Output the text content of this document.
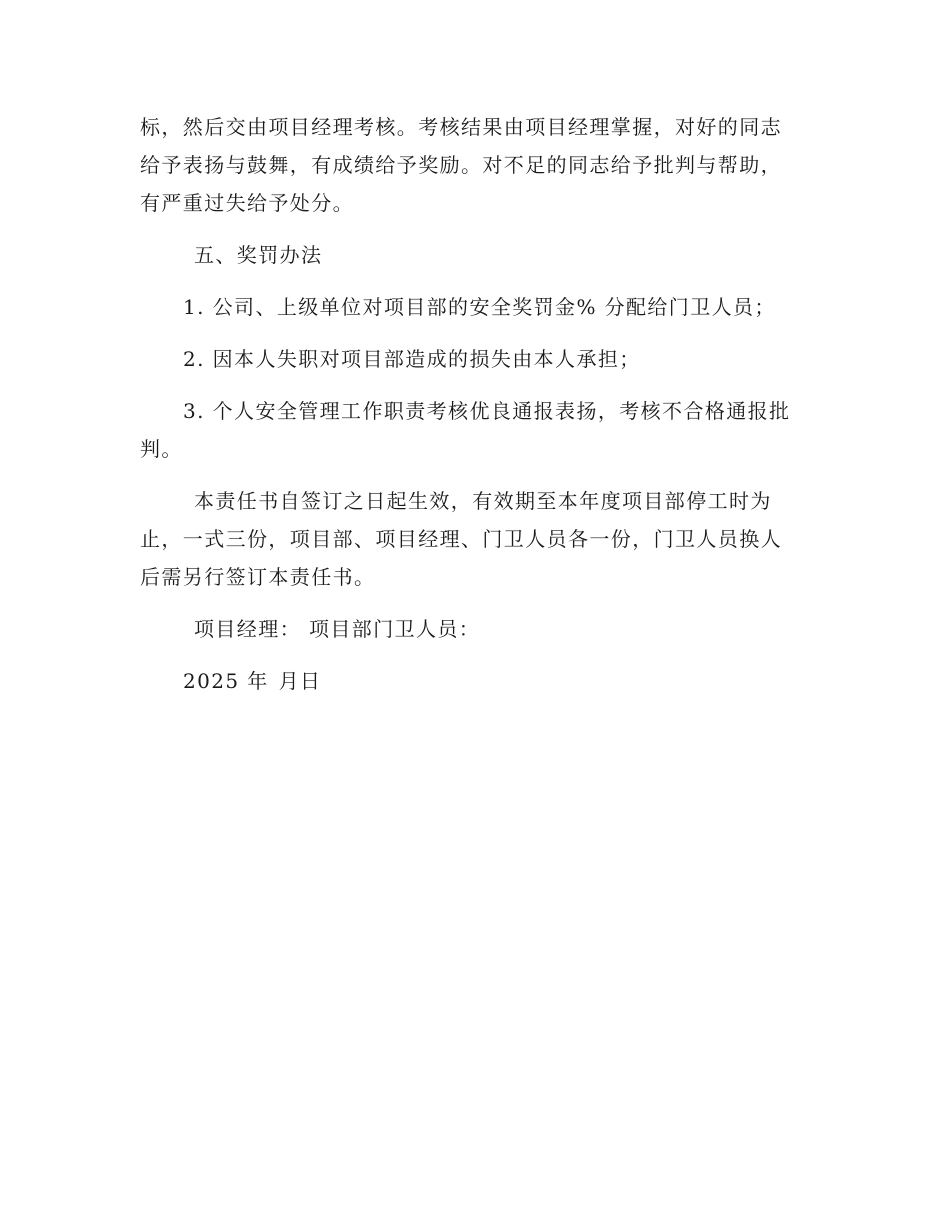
标，然后交由项目经理考核。考核结果由项目经理掌握，对好的同志
给予表扬与鼓舞，有成绩给予奖励。对不足的同志给予批判与帮助，
有严重过失给予处分。
五、奖罚办法
1. 公司、上级单位对项目部的安全奖罚金% 分配给门卫人员；
2. 因本人失职对项目部造成的损失由本人承担；
3. 个人安全管理工作职责考核优良通报表扬，考核不合格通报批
判。
本责任书自签订之日起生效，有效期至本年度项目部停工时为
止，一式三份，项目部、项目经理、门卫人员各一份，门卫人员换人
后需另行签订本责任书。
项目经理： 项目部门卫人员：
2025 年 月日
